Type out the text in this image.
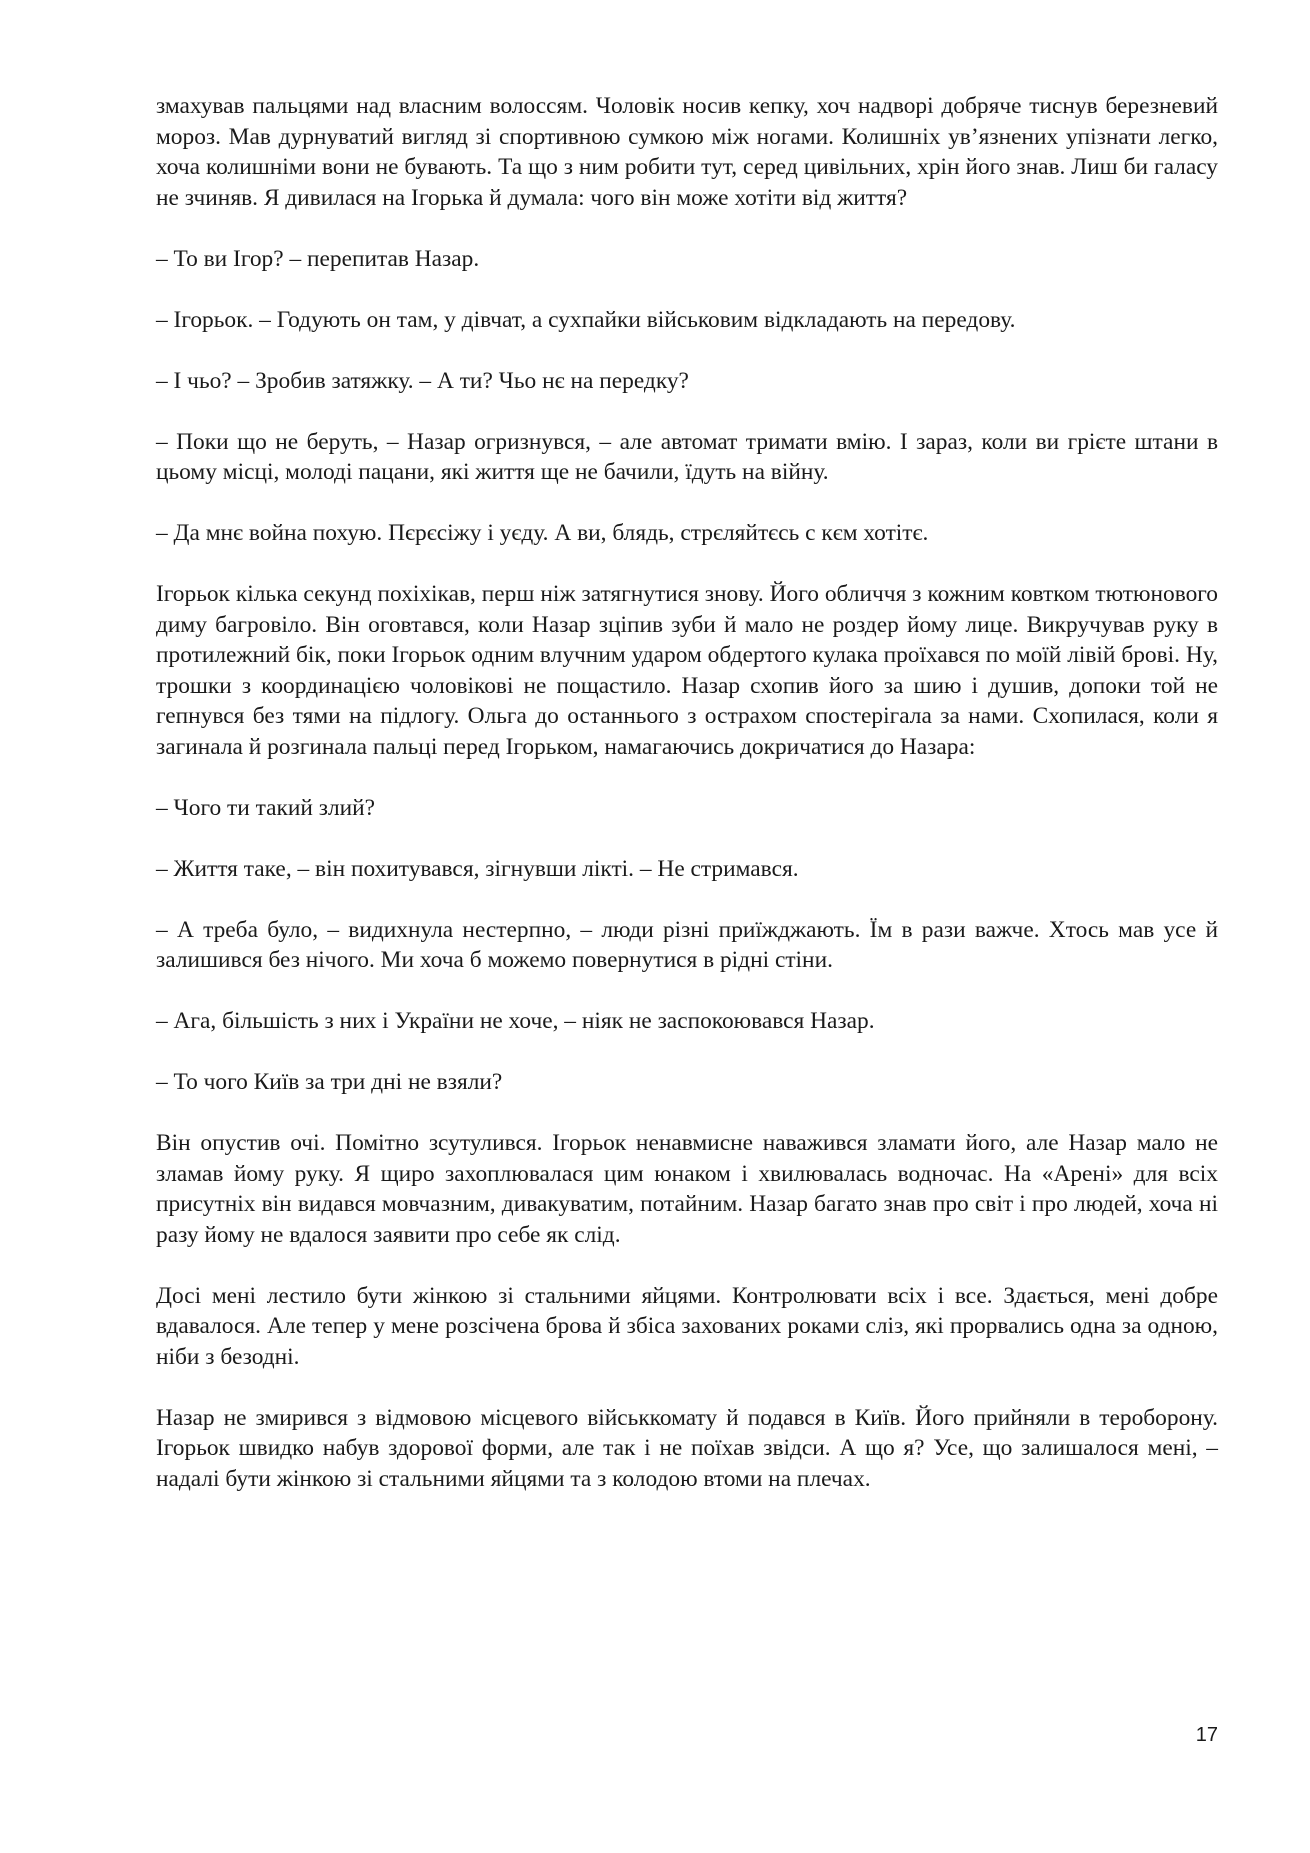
змахував пальцями над власним волоссям. Чоловік носив кепку, хоч надворі добряче тиснув березневий мороз. Мав дурнуватий вигляд зі спортивною сумкою між ногами. Колишніх ув’язнених упізнати легко, хоча колишніми вони не бувають. Та що з ним робити тут, серед цивільних, хрін його знав. Лиш би галасу не зчиняв. Я дивилася на Ігорька й думала: чого він може хотіти від життя?

– То ви Ігор? – перепитав Назар.

– Ігорьок. – Годують он там, у дівчат, а сухпайки військовим відкладають на передову.

– І чьо? – Зробив затяжку. – А ти? Чьо нє на передку?

– Поки що не беруть, – Назар огризнувся, – але автомат тримати вмію. І зараз, коли ви грієте штани в цьому місці, молоді пацани, які життя ще не бачили, їдуть на війну.

– Да мнє война похую. Пєрєсіжу і уєду. А ви, блядь, стрєляйтєсь с кєм хотітє.

Ігорьок кілька секунд похіхікав, перш ніж затягнутися знову. Його обличчя з кожним ковтком тютюнового диму багровіло. Він оговтався, коли Назар зціпив зуби й мало не роздер йому лице. Викручував руку в протилежний бік, поки Ігорьок одним влучним ударом обдертого кулака проїхався по моїй лівій брові. Ну, трошки з координацією чоловікові не пощастило. Назар схопив його за шию і душив, допоки той не гепнувся без тями на підлогу. Ольга до останнього з острахом спостерігала за нами. Схопилася, коли я загинала й розгинала пальці перед Ігорьком, намагаючись докричатися до Назара:

– Чого ти такий злий?

– Життя таке, – він похитувався, зігнувши лікті. – Не стримався.

– А треба було, – видихнула нестерпно, – люди різні приїжджають. Їм в рази важче. Хтось мав усе й залишився без нічого. Ми хоча б можемо повернутися в рідні стіни.

– Ага, більшість з них і України не хоче, – ніяк не заспокоювався Назар.

– То чого Київ за три дні не взяли?

Він опустив очі. Помітно зсутулився. Ігорьок ненавмисне наважився зламати його, але Назар мало не зламав йому руку. Я щиро захоплювалася цим юнаком і хвилювалась водночас. На «Арені» для всіх присутніх він видався мовчазним, дивакуватим, потайним. Назар багато знав про світ і про людей, хоча ні разу йому не вдалося заявити про себе як слід.

Досі мені лестило бути жінкою зі стальними яйцями. Контролювати всіх і все. Здається, мені добре вдавалося. Але тепер у мене розсічена брова й збіса захованих роками сліз, які прорвались одна за одною, ніби з безодні.

Назар не змирився з відмовою місцевого військкомату й подався в Київ. Його прийняли в тероборону. Ігорьок швидко набув здорової форми, але так і не поїхав звідси. А що я? Усе, що залишалося мені, – надалі бути жінкою зі стальними яйцями та з колодою втоми на плечах.

17
